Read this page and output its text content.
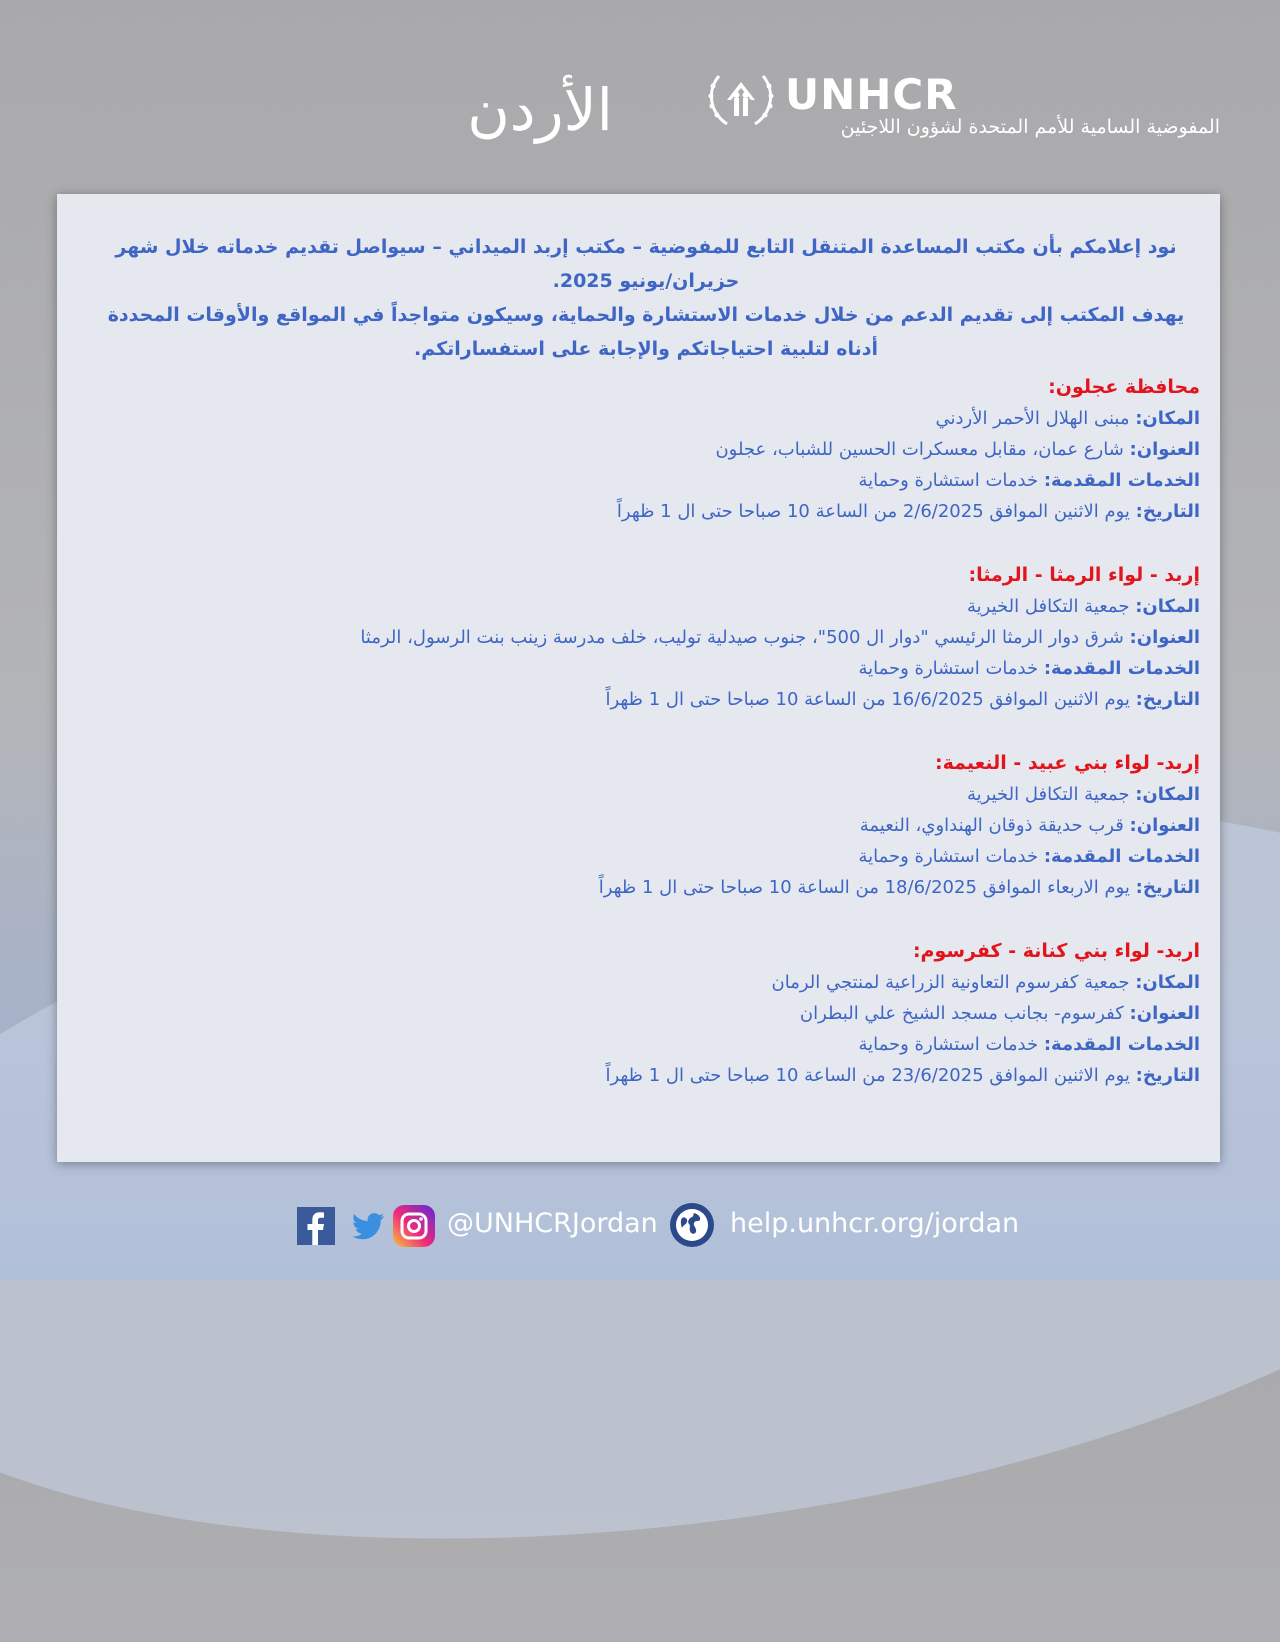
الأردن	UNHCR
المفوضية السامية للأمم المتحدة لشؤون اللاجئين

نود إعلامكم بأن مكتب المساعدة المتنقل التابع للمفوضية – مكتب إربد الميداني – سيواصل تقديم خدماته خلال شهر حزيران/يونيو 2025.
يهدف المكتب إلى تقديم الدعم من خلال خدمات الاستشارة والحماية، وسيكون متواجداً في المواقع والأوقات المحددة أدناه لتلبية احتياجاتكم والإجابة على استفساراتكم.

محافظة عجلون:
المكان: مبنى الهلال الأحمر الأردني
العنوان: شارع عمان، مقابل معسكرات الحسين للشباب، عجلون
الخدمات المقدمة: خدمات استشارة وحماية
التاريخ: يوم الاثنين الموافق 2/6/2025 من الساعة 10 صباحا حتى ال 1 ظهراً
إربد - لواء الرمثا - الرمثا:
المكان: جمعية التكافل الخيرية
العنوان: شرق دوار الرمثا الرئيسي "دوار ال 500"، جنوب صيدلية توليب، خلف مدرسة زينب بنت الرسول، الرمثا
الخدمات المقدمة: خدمات استشارة وحماية
التاريخ: يوم الاثنين الموافق 16/6/2025 من الساعة 10 صباحا حتى ال 1 ظهراً
إربد- لواء بني عبيد - النعيمة:
المكان: جمعية التكافل الخيرية
العنوان: قرب حديقة ذوقان الهنداوي، النعيمة
الخدمات المقدمة: خدمات استشارة وحماية
التاريخ: يوم الاربعاء الموافق 18/6/2025 من الساعة 10 صباحا حتى ال 1 ظهراً
اربد- لواء بني كنانة - كفرسوم:
المكان: جمعية كفرسوم التعاونية الزراعية لمنتجي الرمان
العنوان: كفرسوم- بجانب مسجد الشيخ علي البطران
الخدمات المقدمة: خدمات استشارة وحماية
التاريخ: يوم الاثنين الموافق 23/6/2025 من الساعة 10 صباحا حتى ال 1 ظهراً
@UNHCRJordan	help.unhcr.org/jordan
